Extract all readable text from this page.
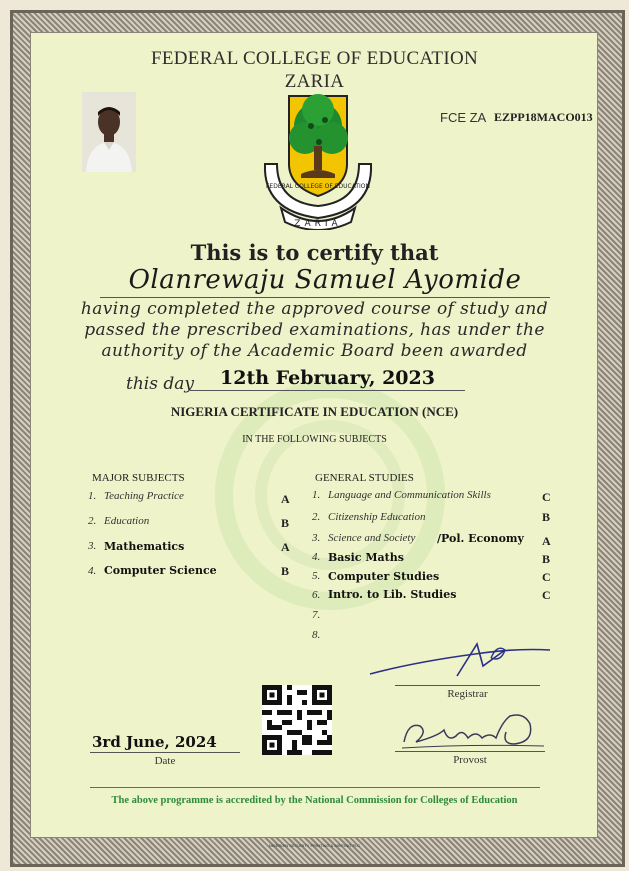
FEDERAL COLLEGE OF EDUCATION
ZARIA
FCE ZA EZPP18MACO013
FEDERAL COLLEGE OF EDUCATION
ZARIA
This is to certify that
Olanrewaju Samuel Ayomide
having completed the approved course of study and
passed the prescribed examinations, has under the
authority of the Academic Board been awarded
this day	12th February, 2023
NIGERIA CERTIFICATE IN EDUCATION (NCE)
IN THE FOLLOWING SUBJECTS
MAJOR SUBJECTS
1. Teaching Practice	A
2. Education	B
3. Mathematics	A
4. Computer Science	B
GENERAL STUDIES
1. Language and Communication Skills	C
2. Citizenship Education	B
3. Science and Society /Pol. Economy A
4. Basic Maths	B
5. Computer Studies	C
6. Intro. to Lib. Studies	C
7.
8.
Registrar
3rd June, 2024
Date	Provost
The above programme is accredited by the National Commission for Colleges of Education
NIGERIAN SECURITY PRINTING & MINTING PLC
